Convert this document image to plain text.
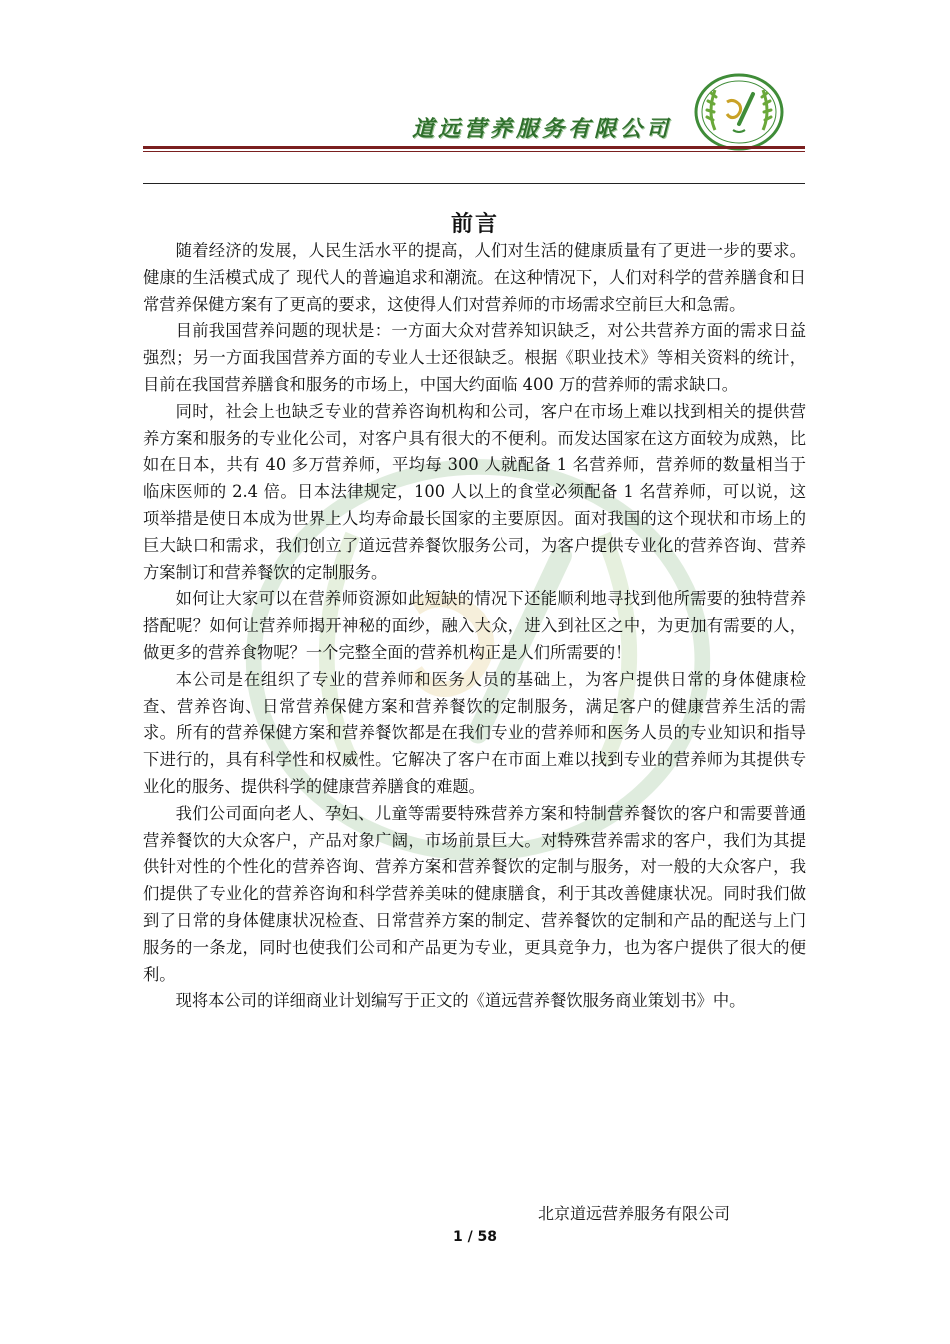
道远营养服务有限公司
前言

随着经济的发展，人民生活水平的提高，人们对生活的健康质量有了更进一步的要求。健康的生活模式成了 现代人的普遍追求和潮流。在这种情况下，人们对科学的营养膳食和日常营养保健方案有了更高的要求，这使得人们对营养师的市场需求空前巨大和急需。

目前我国营养问题的现状是：一方面大众对营养知识缺乏，对公共营养方面的需求日益强烈；另一方面我国营养方面的专业人士还很缺乏。根据《职业技术》等相关资料的统计，目前在我国营养膳食和服务的市场上，中国大约面临 400 万的营养师的需求缺口。

同时，社会上也缺乏专业的营养咨询机构和公司，客户在市场上难以找到相关的提供营养方案和服务的专业化公司，对客户具有很大的不便利。而发达国家在这方面较为成熟，比如在日本，共有 40 多万营养师，平均每 300 人就配备 1 名营养师，营养师的数量相当于临床医师的 2.4 倍。日本法律规定，100 人以上的食堂必须配备 1 名营养师，可以说，这项举措是使日本成为世界上人均寿命最长国家的主要原因。面对我国的这个现状和市场上的巨大缺口和需求，我们创立了道远营养餐饮服务公司，为客户提供专业化的营养咨询、营养方案制订和营养餐饮的定制服务。

如何让大家可以在营养师资源如此短缺的情况下还能顺利地寻找到他所需要的独特营养搭配呢？如何让营养师揭开神秘的面纱，融入大众，进入到社区之中，为更加有需要的人，做更多的营养食物呢？一个完整全面的营养机构正是人们所需要的！

本公司是在组织了专业的营养师和医务人员的基础上，为客户提供日常的身体健康检查、营养咨询、日常营养保健方案和营养餐饮的定制服务，满足客户的健康营养生活的需求。所有的营养保健方案和营养餐饮都是在我们专业的营养师和医务人员的专业知识和指导下进行的，具有科学性和权威性。它解决了客户在市面上难以找到专业的营养师为其提供专业化的服务、提供科学的健康营养膳食的难题。

我们公司面向老人、孕妇、儿童等需要特殊营养方案和特制营养餐饮的客户和需要普通营养餐饮的大众客户，产品对象广阔，市场前景巨大。对特殊营养需求的客户，我们为其提供针对性的个性化的营养咨询、营养方案和营养餐饮的定制与服务，对一般的大众客户，我们提供了专业化的营养咨询和科学营养美味的健康膳食，利于其改善健康状况。同时我们做到了日常的身体健康状况检查、日常营养方案的制定、营养餐饮的定制和产品的配送与上门服务的一条龙，同时也使我们公司和产品更为专业，更具竞争力，也为客户提供了很大的便利。

现将本公司的详细商业计划编写于正文的《道远营养餐饮服务商业策划书》中。

北京道远营养服务有限公司
1 / 58
